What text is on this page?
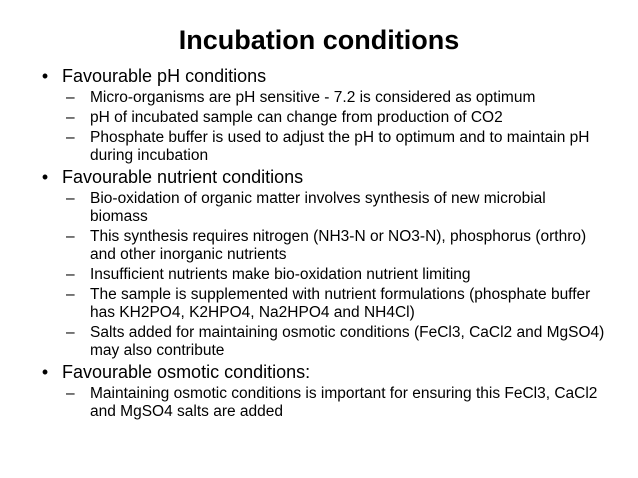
Incubation conditions
• Favourable pH conditions
– Micro-organisms are pH sensitive - 7.2 is considered as optimum
– pH of incubated sample can change from production of CO2
– Phosphate buffer is used to adjust the pH to optimum and to maintain pH during incubation
• Favourable nutrient conditions
– Bio-oxidation of organic matter involves synthesis of new microbial biomass
– This synthesis requires nitrogen (NH3-N or NO3-N), phosphorus (orthro) and other inorganic nutrients
– Insufficient nutrients make bio-oxidation nutrient limiting
– The sample is supplemented with nutrient formulations (phosphate buffer has KH2PO4, K2HPO4, Na2HPO4 and NH4Cl)
– Salts added for maintaining osmotic conditions (FeCl3, CaCl2 and MgSO4) may also contribute
• Favourable osmotic conditions:
– Maintaining osmotic conditions is important for ensuring this FeCl3, CaCl2 and MgSO4 salts are added
